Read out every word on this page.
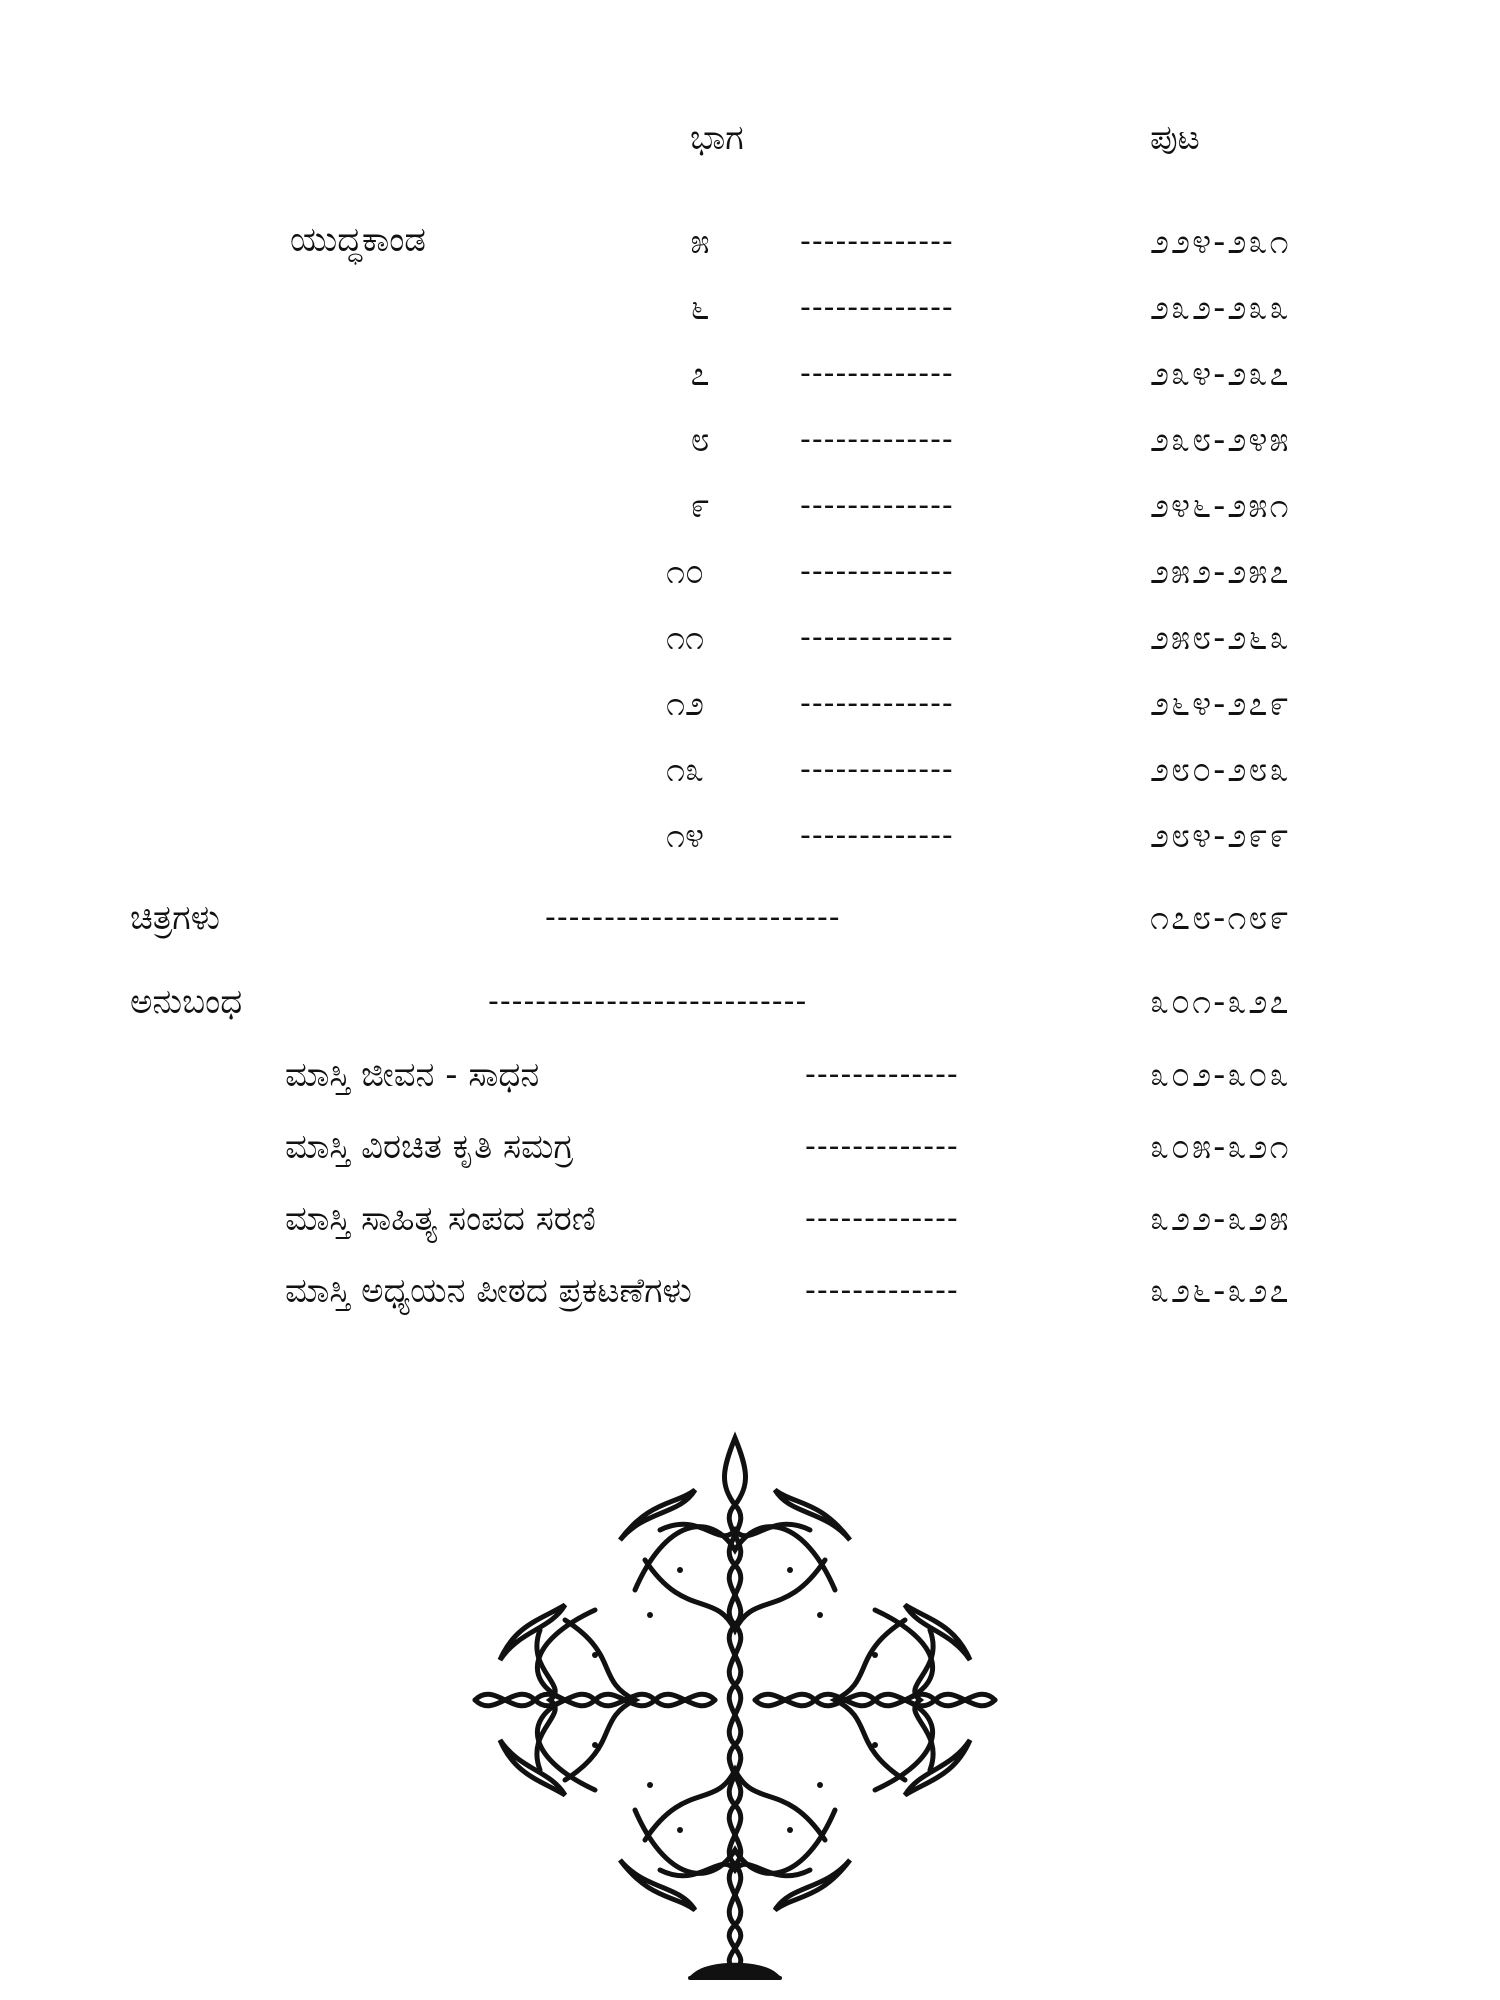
ಭಾಗ	ಪುಟ
ಯುದ್ಧಕಾಂಡ	೫	-------------	೨೨೪-೨೩೧
೬	-------------	೨೩೨-೨೩೩
೭	-------------	೨೩೪-೨೩೭
೮	-------------	೨೩೮-೨೪೫
೯	-------------	೨೪೬-೨೫೧
೧೦	-------------	೨೫೨-೨೫೭
೧೧	-------------	೨೫೮-೨೬೩
೧೨	-------------	೨೬೪-೨೭೯
೧೩	-------------	೨೮೦-೨೮೩
೧೪	-------------	೨೮೪-೨೯೯
ಚಿತ್ರಗಳು	-------------------------	೧೭೮-೧೮೯
ಅನುಬಂಧ	---------------------------	೩೦೧-೩೨೭
ಮಾಸ್ತಿ ಜೀವನ - ಸಾಧನ	-------------	೩೦೨-೩೦೩
ಮಾಸ್ತಿ ವಿರಚಿತ ಕೃತಿ ಸಮಗ್ರ	-------------	೩೦೫-೩೨೧
ಮಾಸ್ತಿ ಸಾಹಿತ್ಯ ಸಂಪದ ಸರಣಿ	-------------	೩೨೨-೩೨೫
ಮಾಸ್ತಿ ಅಧ್ಯಯನ ಪೀಠದ ಪ್ರಕಟಣೆಗಳು	-------------	೩೨೬-೩೨೭
